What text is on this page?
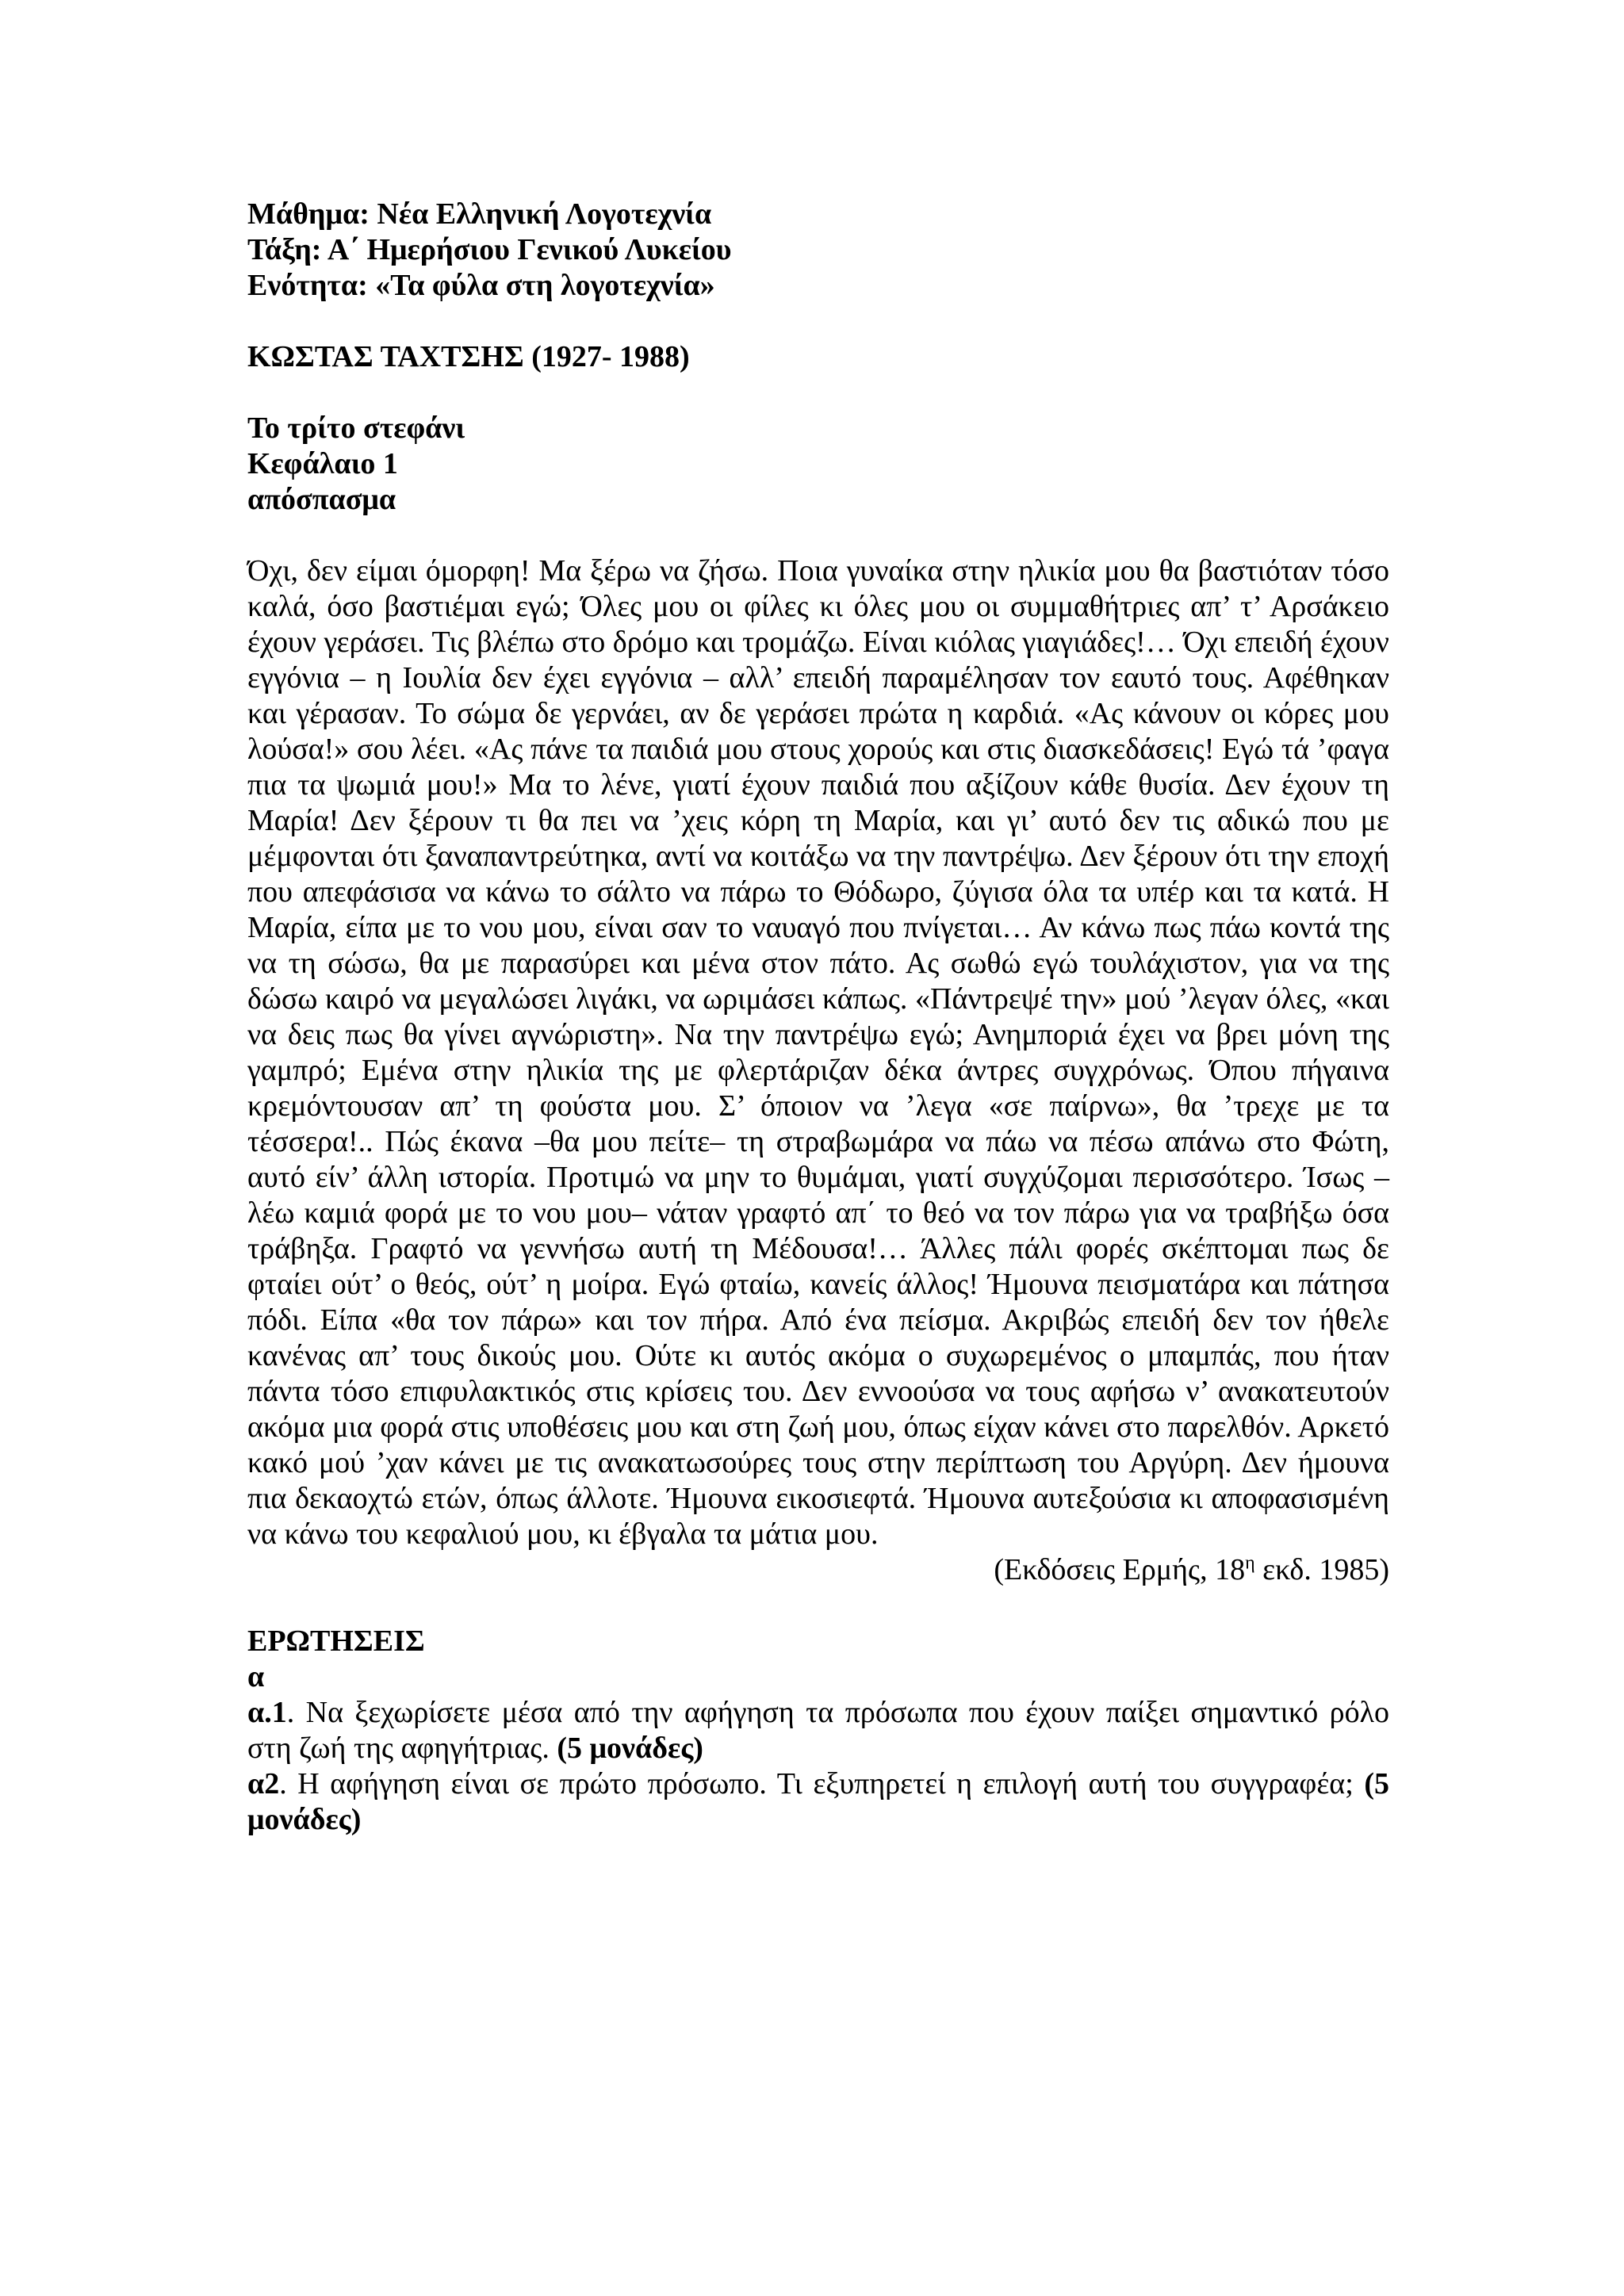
Μάθημα: Νέα Ελληνική Λογοτεχνία

Τάξη: Α΄ Ημερήσιου Γενικού Λυκείου

Ενότητα: «Τα φύλα στη λογοτεχνία»

ΚΩΣΤΑΣ ΤΑΧΤΣΗΣ (1927- 1988)

Το τρίτο στεφάνι

Κεφάλαιο 1

απόσπασμα

Όχι, δεν είμαι όμορφη! Μα ξέρω να ζήσω. Ποια γυναίκα στην ηλικία μου θα βαστιόταν τόσο καλά, όσο βαστιέμαι εγώ; Όλες μου οι φίλες κι όλες μου οι συμμαθήτριες απ’ τ’ Αρσάκειο έχουν γεράσει. Τις βλέπω στο δρόμο και τρομάζω. Είναι κιόλας γιαγιάδες!… Όχι επειδή έχουν εγγόνια – η Ιουλία δεν έχει εγγόνια – αλλ’ επειδή παραμέλησαν τον εαυτό τους. Αφέθηκαν και γέρασαν. Το σώμα δε γερνάει, αν δε γεράσει πρώτα η καρδιά. «Ας κάνουν οι κόρες μου λούσα!» σου λέει. «Ας πάνε τα παιδιά μου στους χορούς και στις διασκεδάσεις! Εγώ τά ’φαγα πια τα ψωμιά μου!» Μα το λένε, γιατί έχουν παιδιά που αξίζουν κάθε θυσία. Δεν έχουν τη Μαρία! Δεν ξέρουν τι θα πει να ’χεις κόρη τη Μαρία, και γι’ αυτό δεν τις αδικώ που με μέμφονται ότι ξαναπαντρεύτηκα, αντί να κοιτάξω να την παντρέψω. Δεν ξέρουν ότι την εποχή που απεφάσισα να κάνω το σάλτο να πάρω το Θόδωρο, ζύγισα όλα τα υπέρ και τα κατά. Η Μαρία, είπα με το νου μου, είναι σαν το ναυαγό που πνίγεται… Αν κάνω πως πάω κοντά της να τη σώσω, θα με παρασύρει και μένα στον πάτο. Ας σωθώ εγώ τουλάχιστον, για να της δώσω καιρό να μεγαλώσει λιγάκι, να ωριμάσει κάπως. «Πάντρεψέ την» μού ’λεγαν όλες, «και να δεις πως θα γίνει αγνώριστη». Να την παντρέψω εγώ; Ανημποριά έχει να βρει μόνη της γαμπρό; Εμένα στην ηλικία της με φλερτάριζαν δέκα άντρες συγχρόνως. Όπου πήγαινα κρεμόντουσαν απ’ τη φούστα μου. Σ’ όποιον να ’λεγα «σε παίρνω», θα ’τρεχε με τα τέσσερα!.. Πώς έκανα –θα μου πείτε– τη στραβωμάρα να πάω να πέσω απάνω στο Φώτη, αυτό είν’ άλλη ιστορία. Προτιμώ να μην το θυμάμαι, γιατί συγχύζομαι περισσότερο. Ίσως –λέω καμιά φορά με το νου μου– νάταν γραφτό απ΄ το θεό να τον πάρω για να τραβήξω όσα τράβηξα. Γραφτό να γεννήσω αυτή τη Μέδουσα!… Άλλες πάλι φορές σκέπτομαι πως δε φταίει ούτ’ ο θεός, ούτ’ η μοίρα. Εγώ φταίω, κανείς άλλος! Ήμουνα πεισματάρα και πάτησα πόδι. Είπα «θα τον πάρω» και τον πήρα. Από ένα πείσμα. Ακριβώς επειδή δεν τον ήθελε κανένας απ’ τους δικούς μου. Ούτε κι αυτός ακόμα ο συχωρεμένος ο μπαμπάς, που ήταν πάντα τόσο επιφυλακτικός στις κρίσεις του. Δεν εννοούσα να τους αφήσω ν’ ανακατευτούν ακόμα μια φορά στις υποθέσεις μου και στη ζωή μου, όπως είχαν κάνει στο παρελθόν. Αρκετό κακό μού ’χαν κάνει με τις ανακατωσούρες τους στην περίπτωση του Αργύρη. Δεν ήμουνα πια δεκαοχτώ ετών, όπως άλλοτε. Ήμουνα εικοσιεφτά. Ήμουνα αυτεξούσια κι αποφασισμένη να κάνω του κεφαλιού μου, κι έβγαλα τα μάτια μου.

(Εκδόσεις Ερμής, $18^\eta$ εκδ. 1985)

ΕΡΩΤΗΣΕΙΣ

α

α.1. Να ξεχωρίσετε μέσα από την αφήγηση τα πρόσωπα που έχουν παίξει σημαντικό ρόλο στη ζωή της αφηγήτριας. (5 μονάδες)

α2. Η αφήγηση είναι σε πρώτο πρόσωπο. Τι εξυπηρετεί η επιλογή αυτή του συγγραφέα; (5 μονάδες)
